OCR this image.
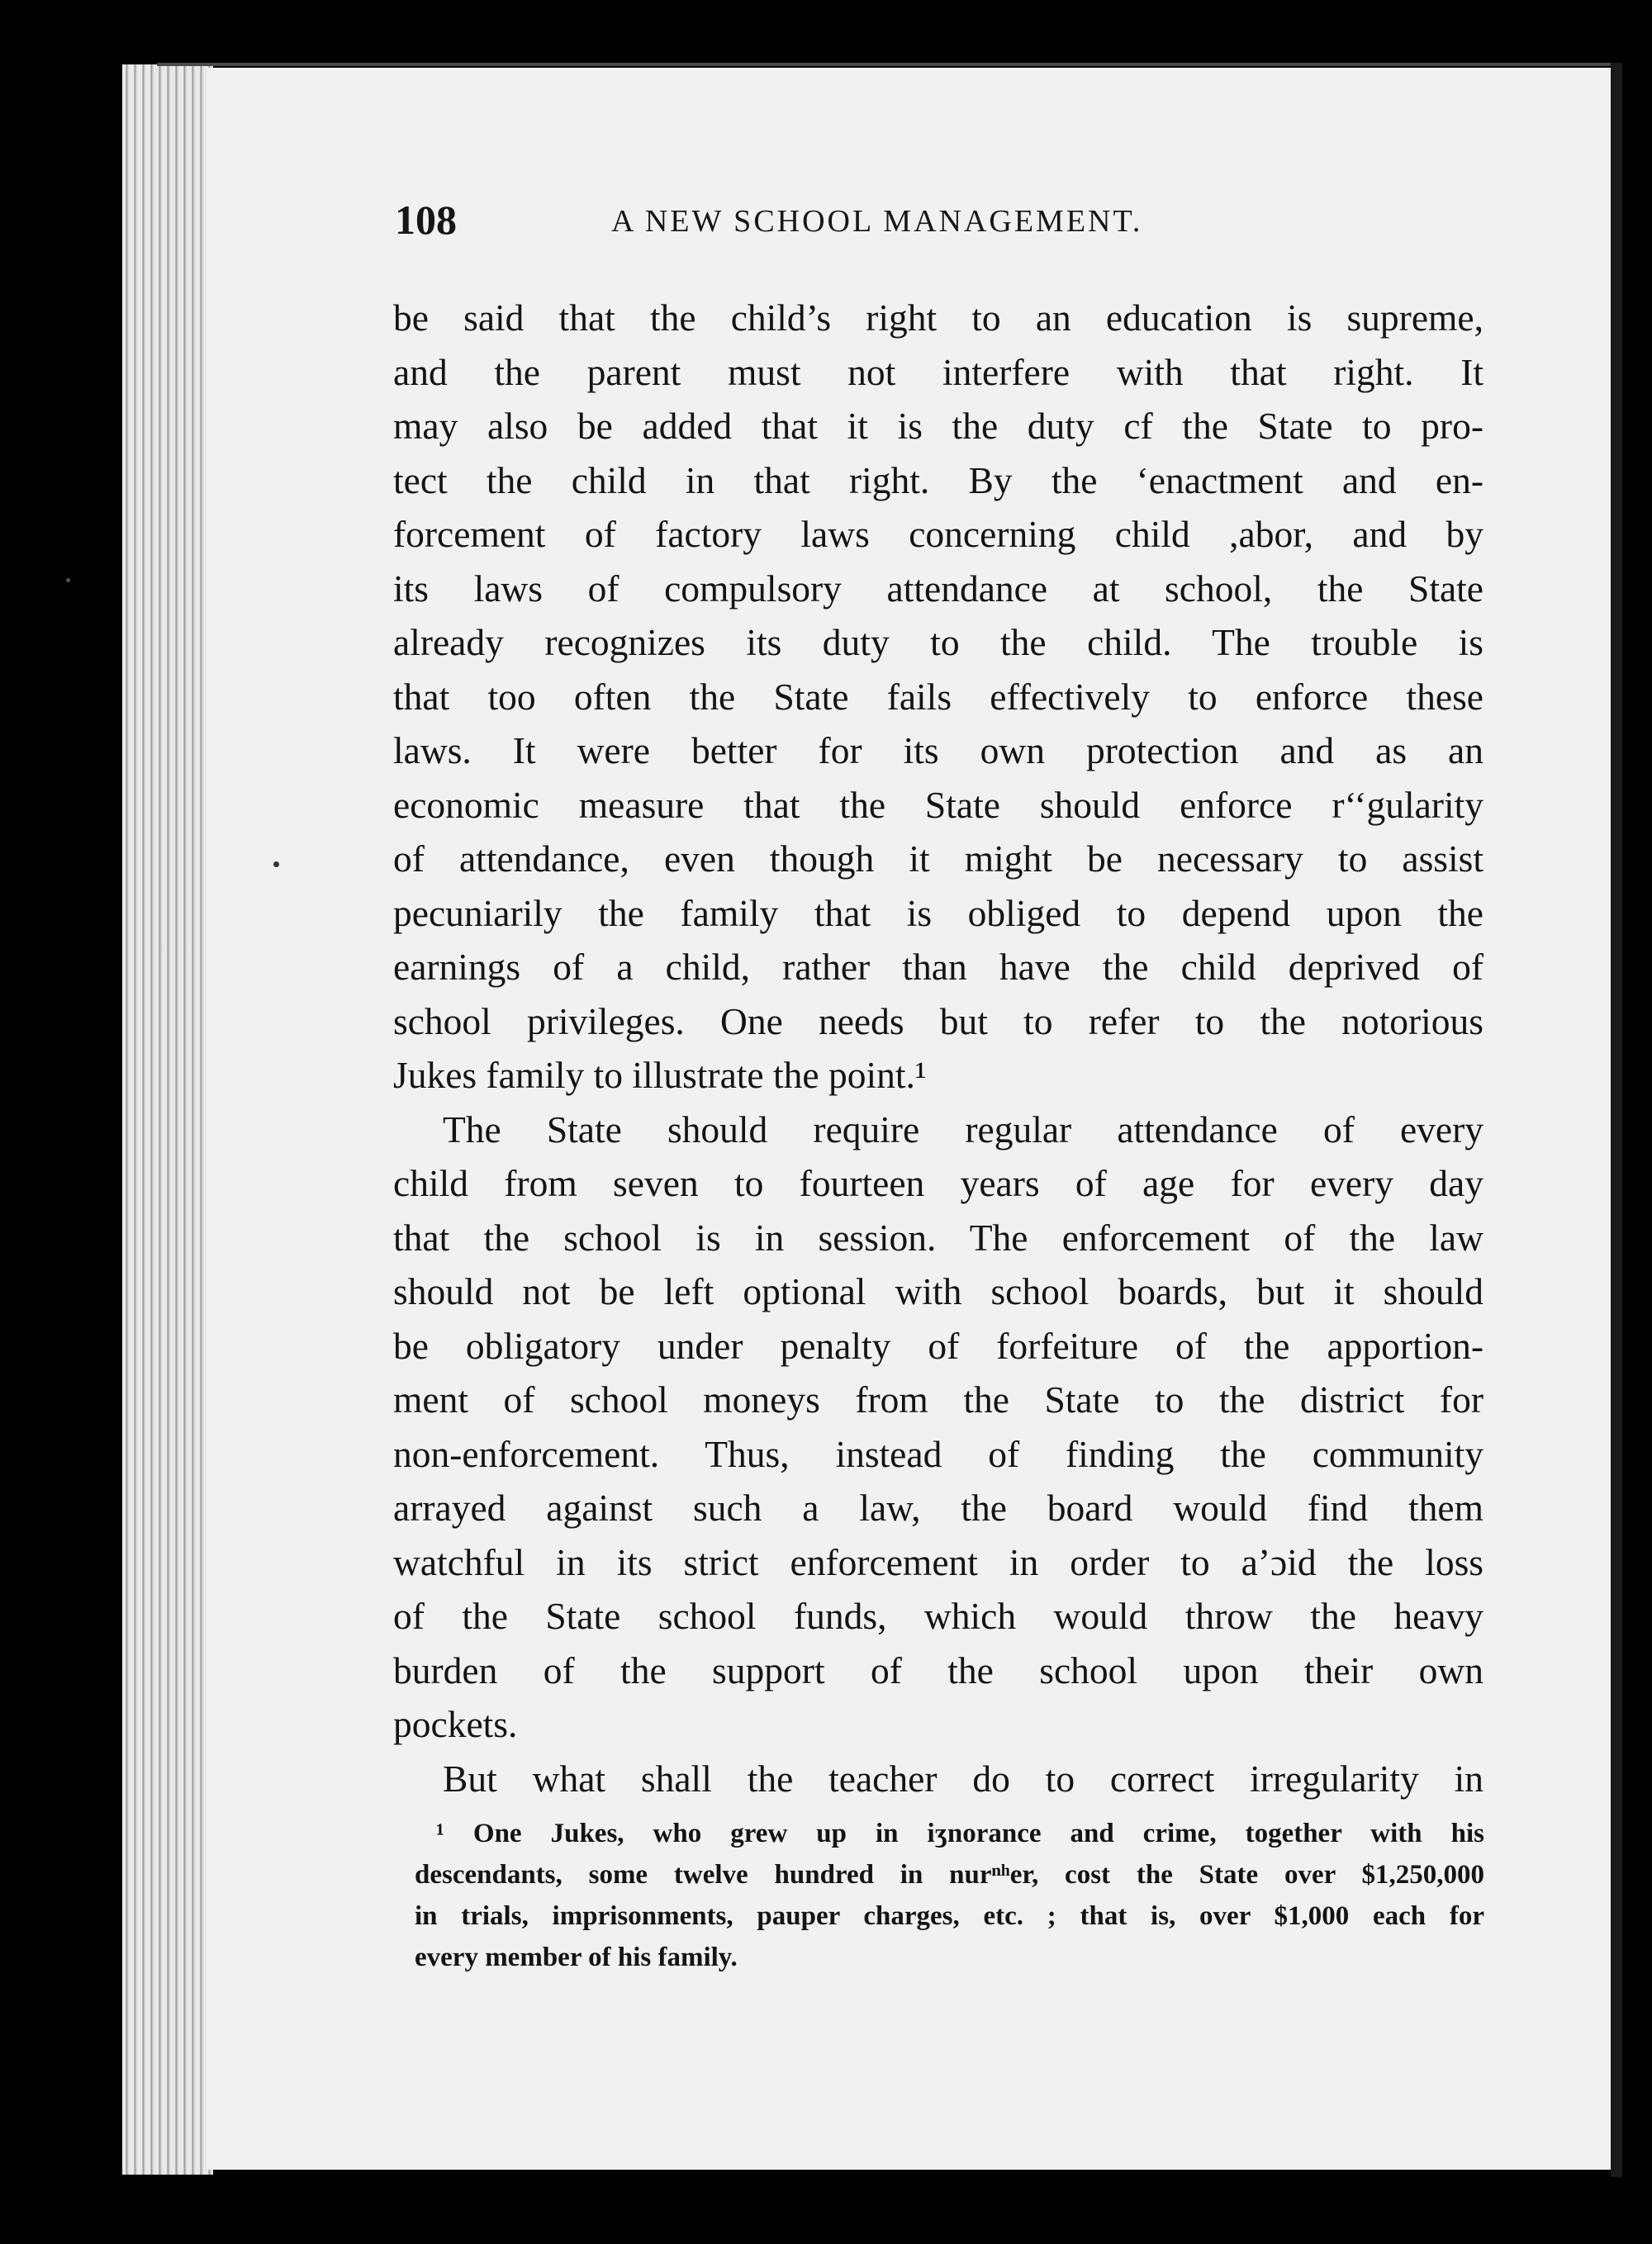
108	A NEW SCHOOL MANAGEMENT.
be said that the child’s right to an education is supreme,
and the parent must not interfere with that right. It
may also be added that it is the duty cf the State to pro-
tect the child in that right. By the ‘enactment and en-
forcement of factory laws concerning child ,abor, and by
its laws of compulsory attendance at school, the State
already recognizes its duty to the child. The trouble is
that too often the State fails effectively to enforce these
laws. It were better for its own protection and as an
economic measure that the State should enforce r‘‘gularity
of attendance, even though it might be necessary to assist
pecuniarily the family that is obliged to depend upon the
earnings of a child, rather than have the child deprived of
school privileges. One needs but to refer to the notorious
Jukes family to illustrate the point.¹
The State should require regular attendance of every
child from seven to fourteen years of age for every day
that the school is in session. The enforcement of the law
should not be left optional with school boards, but it should
be obligatory under penalty of forfeiture of the apportion-
ment of school moneys from the State to the district for
non-enforcement. Thus, instead of finding the community
arrayed against such a law, the board would find them
watchful in its strict enforcement in order to aʼɔid the loss
of the State school funds, which would throw the heavy
burden of the support of the school upon their own
pockets.
But what shall the teacher do to correct irregularity in
¹ One Jukes, who grew up in iʒnorance and crime, together with his
descendants, some twelve hundred in nurⁿʰer, cost the State over $1,250,000
in trials, imprisonments, pauper charges, etc. ; that is, over $1,000 each for
every member of his family.
